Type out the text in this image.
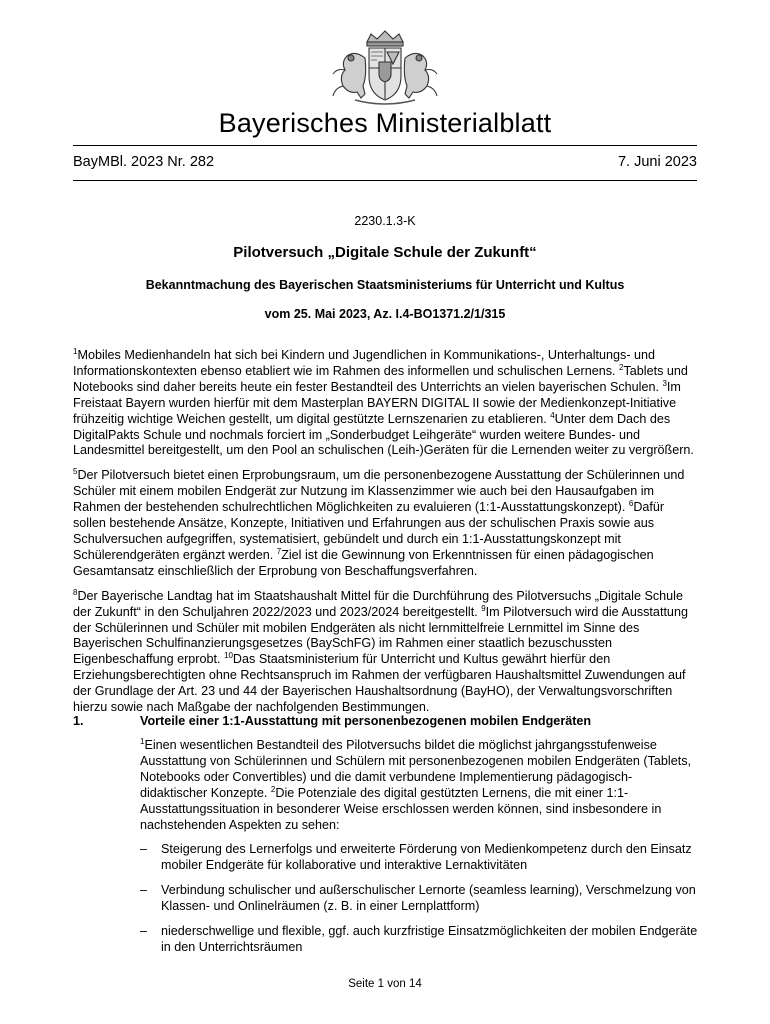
Bayerisches Ministerialblatt
BayMBl. 2023 Nr. 282	7. Juni 2023
2230.1.3-K
Pilotversuch „Digitale Schule der Zukunft“
Bekanntmachung des Bayerischen Staatsministeriums für Unterricht und Kultus
vom 25. Mai 2023, Az. I.4-BO1371.2/1/315

$^1$Mobiles Medienhandeln hat sich bei Kindern und Jugendlichen in Kommunikations-, Unterhaltungs- und Informationskontexten ebenso etabliert wie im Rahmen des informellen und schulischen Lernens. $^2$Tablets und Notebooks sind daher bereits heute ein fester Bestandteil des Unterrichts an vielen bayerischen Schulen. $^3$Im Freistaat Bayern wurden hierfür mit dem Masterplan BAYERN DIGITAL II sowie der Medienkonzept-Initiative frühzeitig wichtige Weichen gestellt, um digital gestützte Lernszenarien zu etablieren. $^4$Unter dem Dach des DigitalPakts Schule und nochmals forciert im „Sonderbudget Leihgeräte“ wurden weitere Bundes- und Landesmittel bereitgestellt, um den Pool an schulischen (Leih-)Geräten für die Lernenden weiter zu vergrößern.

$^5$Der Pilotversuch bietet einen Erprobungsraum, um die personenbezogene Ausstattung der Schülerinnen und Schüler mit einem mobilen Endgerät zur Nutzung im Klassenzimmer wie auch bei den Hausaufgaben im Rahmen der bestehenden schulrechtlichen Möglichkeiten zu evaluieren (1:1-Ausstattungskonzept). $^6$Dafür sollen bestehende Ansätze, Konzepte, Initiativen und Erfahrungen aus der schulischen Praxis sowie aus Schulversuchen aufgegriffen, systematisiert, gebündelt und durch ein 1:1-Ausstattungskonzept mit Schülerendgeräten ergänzt werden. $^7$Ziel ist die Gewinnung von Erkenntnissen für einen pädagogischen Gesamtansatz einschließlich der Erprobung von Beschaffungsverfahren.

$^8$Der Bayerische Landtag hat im Staatshaushalt Mittel für die Durchführung des Pilotversuchs „Digitale Schule der Zukunft“ in den Schuljahren 2022/2023 und 2023/2024 bereitgestellt. $^9$Im Pilotversuch wird die Ausstattung der Schülerinnen und Schüler mit mobilen Endgeräten als nicht lernmittelfreie Lernmittel im Sinne des Bayerischen Schulfinanzierungsgesetzes (BaySchFG) im Rahmen einer staatlich bezuschussten Eigenbeschaffung erprobt. $^{10}$Das Staatsministerium für Unterricht und Kultus gewährt hierfür den Erziehungsberechtigten ohne Rechtsanspruch im Rahmen der verfügbaren Haushaltsmittel Zuwendungen auf der Grundlage der Art. 23 und 44 der Bayerischen Haushaltsordnung (BayHO), der Verwaltungsvorschriften hierzu sowie nach Maßgabe der nachfolgenden Bestimmungen.

1.	Vorteile einer 1:1-Ausstattung mit personenbezogenen mobilen Endgeräten

$^1$Einen wesentlichen Bestandteil des Pilotversuchs bildet die möglichst jahrgangsstufenweise Ausstattung von Schülerinnen und Schülern mit personenbezogenen mobilen Endgeräten (Tablets, Notebooks oder Convertibles) und die damit verbundene Implementierung pädagogisch-didaktischer Konzepte. $^2$Die Potenziale des digital gestützten Lernens, die mit einer 1:1-Ausstattungssituation in besonderer Weise erschlossen werden können, sind insbesondere in nachstehenden Aspekten zu sehen:

– Steigerung des Lernerfolgs und erweiterte Förderung von Medienkompetenz durch den Einsatz mobiler Endgeräte für kollaborative und interaktive Lernaktivitäten
– Verbindung schulischer und außerschulischer Lernorte (seamless learning), Verschmelzung von Klassen- und Onlinelräumen (z. B. in einer Lernplattform)
– niederschwellige und flexible, ggf. auch kurzfristige Einsatzmöglichkeiten der mobilen Endgeräte in den Unterrichtsräumen
Seite 1 von 14
